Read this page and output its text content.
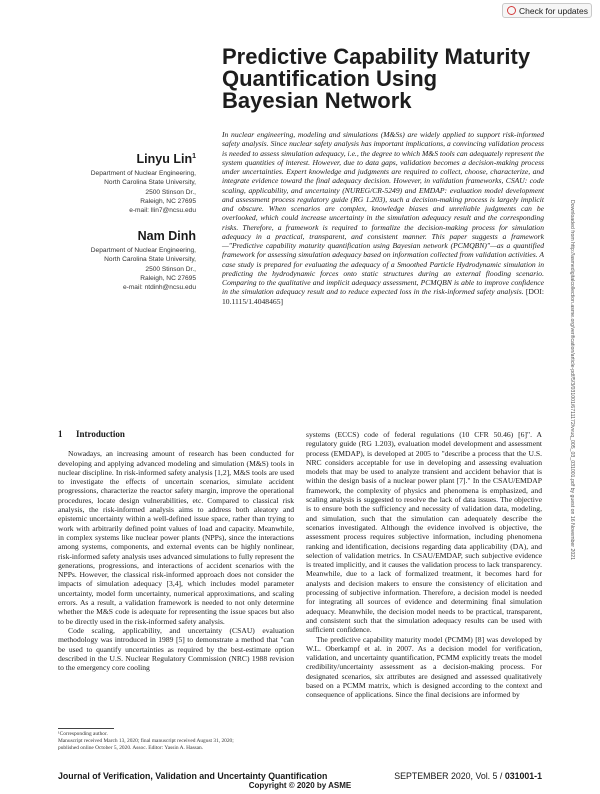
Check for updates
Predictive Capability Maturity
Quantification Using
Bayesian Network
Linyu Lin$^1$
Department of Nuclear Engineering,
North Carolina State University,
2500 Stinson Dr.,
Raleigh, NC 27695
e-mail: llin7@ncsu.edu
Nam Dinh
Department of Nuclear Engineering,
North Carolina State University,
2500 Stinson Dr.,
Raleigh, NC 27695
e-mail: ntdinh@ncsu.edu

In nuclear engineering, modeling and simulations (M&Ss) are widely applied to support risk-informed safety analysis. Since nuclear safety analysis has important implications, a convincing validation process is needed to assess simulation adequacy, i.e., the degree to which M&S tools can adequately represent the system quantities of interest. However, due to data gaps, validation becomes a decision-making process under uncertainties. Expert knowledge and judgments are required to collect, choose, characterize, and integrate evidence toward the final adequacy decision. However, in validation frameworks, CSAU: code scaling, applicability, and uncertainty (NUREG/CR-5249) and EMDAP: evaluation model development and assessment process regulatory guide (RG 1.203), such a decision-making process is largely implicit and obscure. When scenarios are complex, knowledge biases and unreliable judgments can be overlooked, which could increase uncertainty in the simulation adequacy result and the corresponding risks. Therefore, a framework is required to formalize the decision-making process for simulation adequacy in a practical, transparent, and consistent manner. This paper suggests a framework—"Predictive capability maturity quantification using Bayesian network (PCMQBN)"—as a quantified framework for assessing simulation adequacy based on information collected from validation activities. A case study is prepared for evaluating the adequacy of a Smoothed Particle Hydrodynamic simulation in predicting the hydrodynamic forces onto static structures during an external flooding scenario. Comparing to the qualitative and implicit adequacy assessment, PCMQBN is able to improve confidence in the simulation adequacy result and to reduce expected loss in the risk-informed safety analysis. [DOI: 10.1115/1.4048465]	Downloaded from http://asmedigitalcollection.asme.org/verification/article-pdf/5/3/031001/6711172/vvuq_005_03_031001.pdf by guest on 16 November 2021
1 Introduction

Nowadays, an increasing amount of research has been conducted for developing and applying advanced modeling and simulation (M&S) tools in nuclear discipline. In risk-informed safety analysis [1,2], M&S tools are used to investigate the effects of uncertain scenarios, simulate accident progressions, characterize the reactor safety margin, improve the operational procedures, locate design vulnerabilities, etc. Compared to classical risk analysis, the risk-informed analysis aims to address both aleatory and epistemic uncertainty within a well-defined issue space, rather than trying to work with arbitrarily defined point values of load and capacity. Meanwhile, in complex systems like nuclear power plants (NPPs), since the interactions among systems, components, and external events can be highly nonlinear, risk-informed safety analysis uses advanced simulations to fully represent the generations, progressions, and interactions of accident scenarios with the NPPs. However, the classical risk-informed approach does not consider the impacts of simulation adequacy [3,4], which includes model parameter uncertainty, model form uncertainty, numerical approximations, and scaling errors. As a result, a validation framework is needed to not only determine whether the M&S code is adequate for representing the issue spaces but also to be directly used in the risk-informed safety analysis.

Code scaling, applicability, and uncertainty (CSAU) evaluation methodology was introduced in 1989 [5] to demonstrate a method that "can be used to quantify uncertainties as required by the best-estimate option described in the U.S. Nuclear Regulatory Commission (NRC) 1988 revision to the emergency core cooling

systems (ECCS) code of federal regulations (10 CFR 50.46) [6]". A regulatory guide (RG 1.203), evaluation model development and assessment process (EMDAP), is developed at 2005 to "describe a process that the U.S. NRC considers acceptable for use in developing and assessing evaluation models that may be used to analyze transient and accident behavior that is within the design basis of a nuclear power plant [7]." In the CSAU/EMDAP framework, the complexity of physics and phenomena is emphasized, and scaling analysis is suggested to resolve the lack of data issues. The objective is to ensure both the sufficiency and necessity of validation data, modeling, and simulation, such that the simulation can adequately describe the scenarios investigated. Although the evidence involved is objective, the assessment process requires subjective information, including phenomena ranking and identification, decisions regarding data applicability (DA), and selection of validation metrics. In CSAU/EMDAP, such subjective evidence is treated implicitly, and it causes the validation process to lack transparency. Meanwhile, due to a lack of formalized treatment, it becomes hard for analysts and decision makers to ensure the consistency of elicitation and processing of subjective information. Therefore, a decision model is needed for integrating all sources of evidence and determining final simulation adequacy. Meanwhile, the decision model needs to be practical, transparent, and consistent such that the simulation adequacy results can be used with sufficient confidence.

The predictive capability maturity model (PCMM) [8] was developed by W.L. Oberkampf et al. in 2007. As a decision model for verification, validation, and uncertainty quantification, PCMM explicitly treats the model credibility/uncertainty assessment as a decision-making process. For designated scenarios, six attributes are designed and assessed qualitatively based on a PCMM matrix, which is designed according to the context and consequence of applications. Since the final decisions are informed by

¹Corresponding author.
Manuscript received March 13, 2020; final manuscript received August 31, 2020;
published online October 5, 2020. Assoc. Editor: Yassin A. Hassan.
Journal of Verification, Validation and Uncertainty Quantification	SEPTEMBER 2020, Vol. 5 / 031001-1
Copyright © 2020 by ASME
